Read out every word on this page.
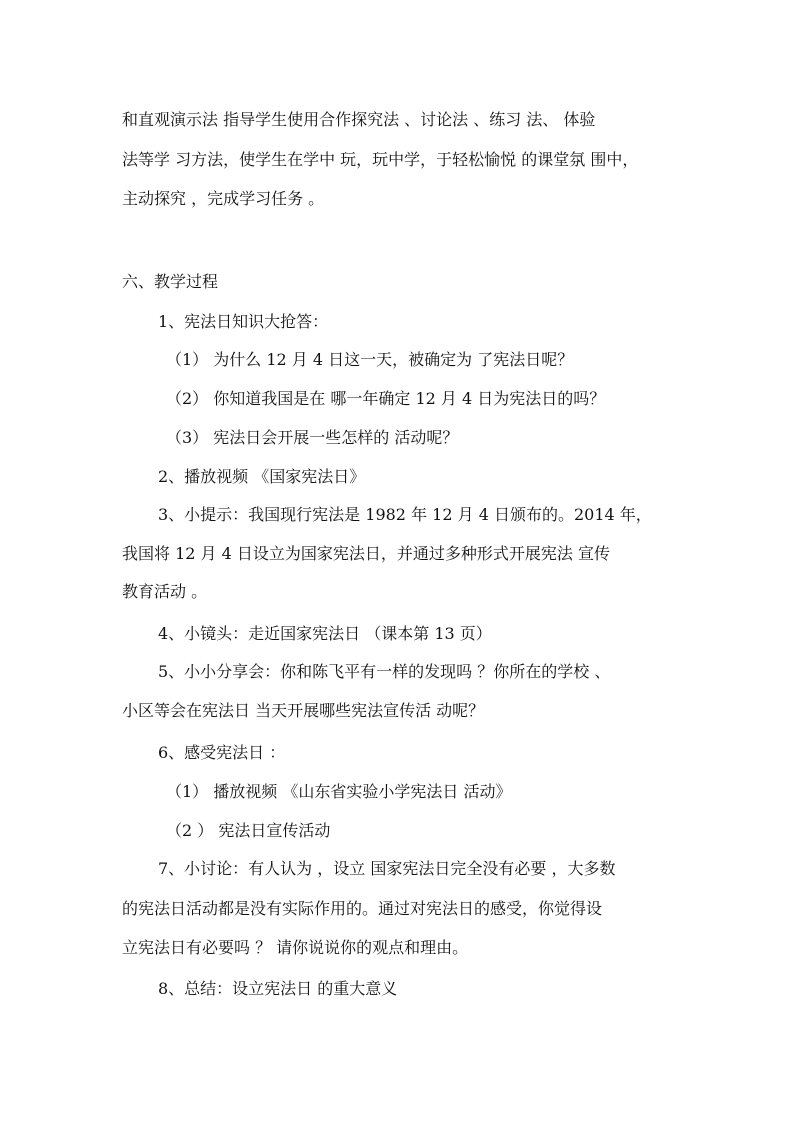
和直观演示法 指导学生使用合作探究法 、讨论法 、练习 法、 体验
法等学 习方法，使学生在学中 玩，玩中学，于轻松愉悦 的课堂氛 围中，
主动探究 ，完成学习任务 。
六、教学过程
1、宪法日知识大抢答：
（1） 为什么 12 月 4 日这一天，被确定为 了宪法日呢？
（2） 你知道我国是在 哪一年确定 12 月 4 日为宪法日的吗？
（3） 宪法日会开展一些怎样的 活动呢？
2、播放视频 《国家宪法日》
3、小提示：我国现行宪法是 1982 年 12 月 4 日颁布的。2014 年，
我国将 12 月 4 日设立为国家宪法日，并通过多种形式开展宪法 宣传
教育活动 。
4、小镜头：走近国家宪法日 （课本第 13 页）
5、小小分享会：你和陈飞平有一样的发现吗 ？你所在的学校 、
小区等会在宪法日 当天开展哪些宪法宣传活 动呢？
6、感受宪法日 ：
（1） 播放视频 《山东省实验小学宪法日 活动》
（2 ） 宪法日宣传活动
7、小讨论：有人认为 ，设立 国家宪法日完全没有必要 ，大多数
的宪法日活动都是没有实际作用的。通过对宪法日的感受，你觉得设
立宪法日有必要吗 ？ 请你说说你的观点和理由。
8、总结：设立宪法日 的重大意义
